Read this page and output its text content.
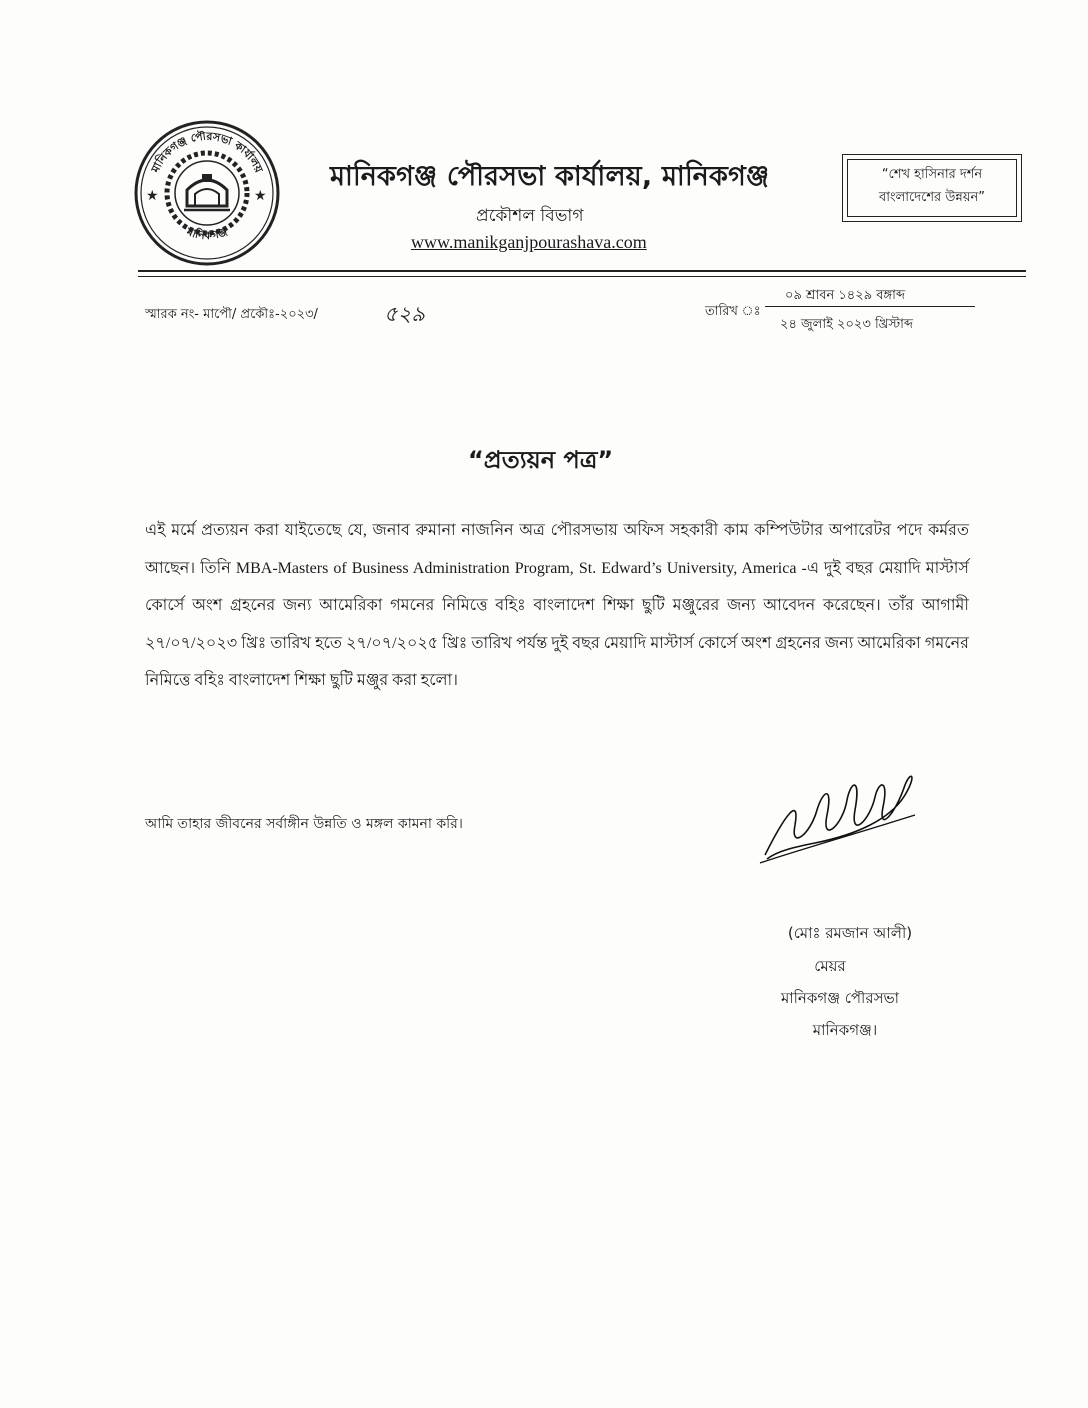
মানিকগঞ্জ পৌরসভা কার্যালয়
মানিকগঞ্জ
★	★
মানিকগঞ্জ পৌরসভা কার্যালয়, মানিকগঞ্জ
প্রকৌশল বিভাগ
www.manikganjpourashava.com
“শেখ হাসিনার দর্শন
বাংলাদেশের উন্নয়ন”
স্মারক নং- মাপৌ/ প্রকৌঃ-২০২৩/	৫২৯	তারিখ ঃ
০৯ শ্রাবন ১৪২৯ বঙ্গাব্দ
২৪ জুলাই ২০২৩ খ্রিস্টাব্দ
“প্রত্যয়ন পত্র”

এই মর্মে প্রত্যয়ন করা যাইতেছে যে, জনাব রুমানা নাজনিন অত্র পৌরসভায় অফিস সহকারী কাম কম্পিউটার অপারেটর পদে কর্মরত আছেন। তিনি MBA-Masters of Business Administration Program, St. Edward’s University, America -এ দুই বছর মেয়াদি মাস্টার্স কোর্সে অংশ গ্রহনের জন্য আমেরিকা গমনের নিমিত্তে বহিঃ বাংলাদেশ শিক্ষা ছুটি মঞ্জুরের জন্য আবেদন করেছেন। তাঁর আগামী ২৭/০৭/২০২৩ খ্রিঃ তারিখ হতে ২৭/০৭/২০২৫ খ্রিঃ তারিখ পর্যন্ত দুই বছর মেয়াদি মাস্টার্স কোর্সে অংশ গ্রহনের জন্য আমেরিকা গমনের নিমিত্তে বহিঃ বাংলাদেশ শিক্ষা ছুটি মঞ্জুর করা হলো।

আমি তাহার জীবনের সর্বাঙ্গীন উন্নতি ও মঙ্গল কামনা করি।
(মোঃ রমজান আলী)
মেয়র
মানিকগঞ্জ পৌরসভা
মানিকগঞ্জ।
